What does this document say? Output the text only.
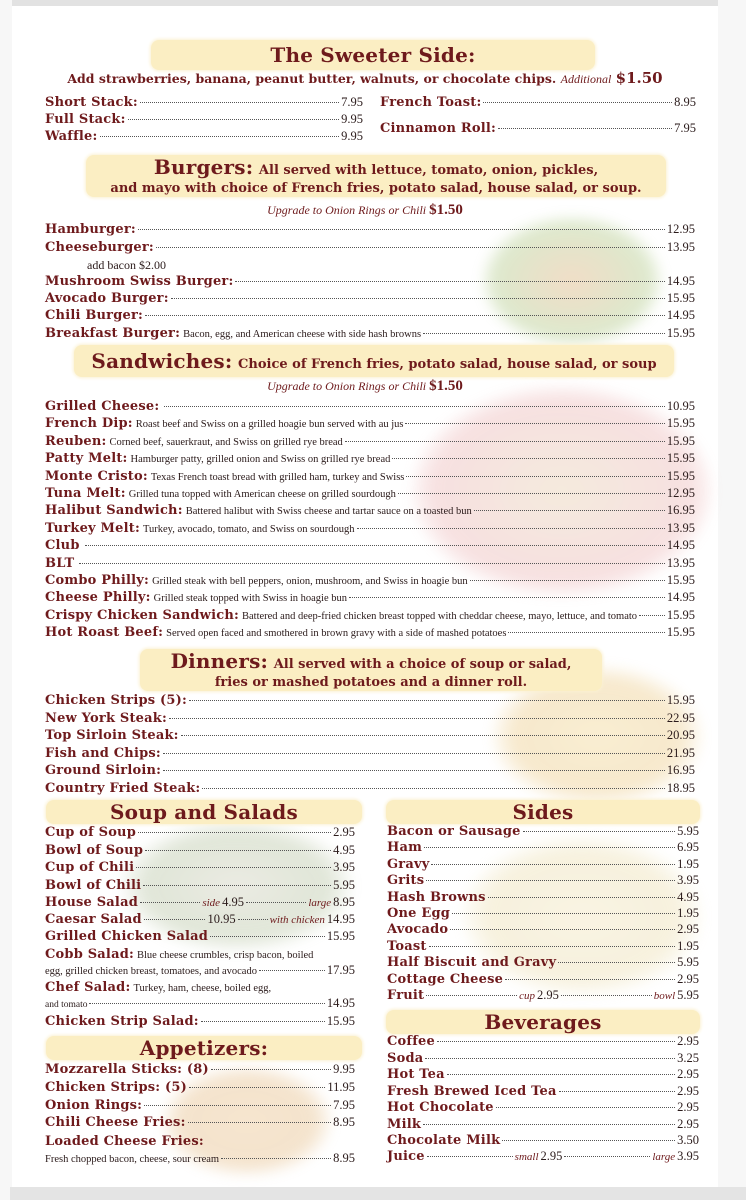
The Sweeter Side:
Add strawberries, banana, peanut butter, walnuts, or chocolate chips. Additional $1.50
Short Stack:	7.95
Full Stack:	9.95
Waffle:	9.95
French Toast:	8.95
Cinnamon Roll:	7.95
Burgers: All served with lettuce, tomato, onion, pickles,
and mayo with choice of French fries, potato salad, house salad, or soup.
Upgrade to Onion Rings or Chili $1.50
Hamburger:	12.95
Cheeseburger:	13.95
add bacon $2.00
Mushroom Swiss Burger:	14.95
Avocado Burger:	15.95
Chili Burger:	14.95
Breakfast Burger: Bacon, egg, and American cheese with side hash browns	15.95
Sandwiches: Choice of French fries, potato salad, house salad, or soup
Upgrade to Onion Rings or Chili $1.50
Grilled Cheese:	10.95
French Dip: Roast beef and Swiss on a grilled hoagie bun served with au jus	15.95
Reuben: Corned beef, sauerkraut, and Swiss on grilled rye bread	15.95
Patty Melt: Hamburger patty, grilled onion and Swiss on grilled rye bread	15.95
Monte Cristo: Texas French toast bread with grilled ham, turkey and Swiss	15.95
Tuna Melt: Grilled tuna topped with American cheese on grilled sourdough	12.95
Halibut Sandwich: Battered halibut with Swiss cheese and tartar sauce on a toasted bun	16.95
Turkey Melt: Turkey, avocado, tomato, and Swiss on sourdough	13.95
Club	14.95
BLT	13.95
Combo Philly: Grilled steak with bell peppers, onion, mushroom, and Swiss in hoagie bun	15.95
Cheese Philly: Grilled steak topped with Swiss in hoagie bun	14.95
Crispy Chicken Sandwich: Battered and deep-fried chicken breast topped with cheddar cheese, mayo, lettuce, and tomato 15.95
Hot Roast Beef: Served open faced and smothered in brown gravy with a side of mashed potatoes	15.95
Dinners: All served with a choice of soup or salad,
fries or mashed potatoes and a dinner roll.
Chicken Strips (5):	15.95
New York Steak:	22.95
Top Sirloin Steak:	20.95
Fish and Chips:	21.95
Ground Sirloin:	16.95
Country Fried Steak:	18.95
Soup and Salads
Cup of Soup	2.95
Bowl of Soup	4.95
Cup of Chili	3.95
Bowl of Chili	5.95
House Salad	side 4.95	large 8.95
Caesar Salad	10.95	with chicken 14.95
Grilled Chicken Salad	15.95
Cobb Salad: Blue cheese crumbles, crisp bacon, boiled
egg, grilled chicken breast, tomatoes, and avocado	17.95
Chef Salad: Turkey, ham, cheese, boiled egg,
and tomato	14.95
Chicken Strip Salad:	15.95
Appetizers:
Mozzarella Sticks: (8)	9.95
Chicken Strips: (5)	11.95
Onion Rings:	7.95
Chili Cheese Fries:	8.95
Loaded Cheese Fries:
Fresh chopped bacon, cheese, sour cream	8.95
Sides
Bacon or Sausage	5.95
Ham	6.95
Gravy	1.95
Grits	3.95
Hash Browns	4.95
One Egg	1.95
Avocado	2.95
Toast	1.95
Half Biscuit and Gravy	5.95
Cottage Cheese	2.95
Fruit	cup 2.95	bowl 5.95
Beverages
Coffee	2.95
Soda	3.25
Hot Tea	2.95
Fresh Brewed Iced Tea	2.95
Hot Chocolate	2.95
Milk	2.95
Chocolate Milk	3.50
Juice	small 2.95	large 3.95
